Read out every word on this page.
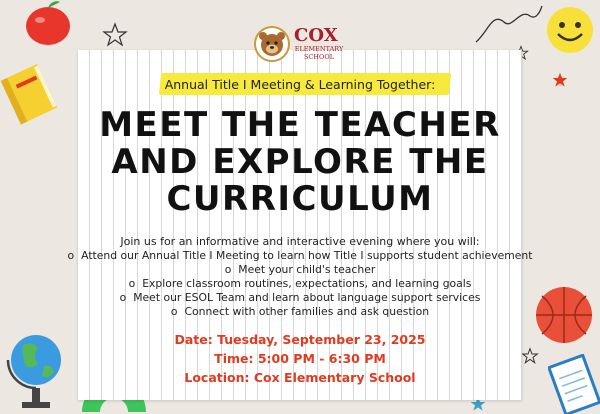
COX
ELEMENTARY SCHOOL
Annual Title I Meeting & Learning Together:
MEET THE TEACHER
AND EXPLORE THE
CURRICULUM
Join us for an informative and interactive evening where you will:
o Attend our Annual Title I Meeting to learn how Title I supports student achievement
o Meet your child's teacher
o Explore classroom routines, expectations, and learning goals
o Meet our ESOL Team and learn about language support services
o Connect with other families and ask question
Date: Tuesday, September 23, 2025
Time: 5:00 PM - 6:30 PM
Location: Cox Elementary School
